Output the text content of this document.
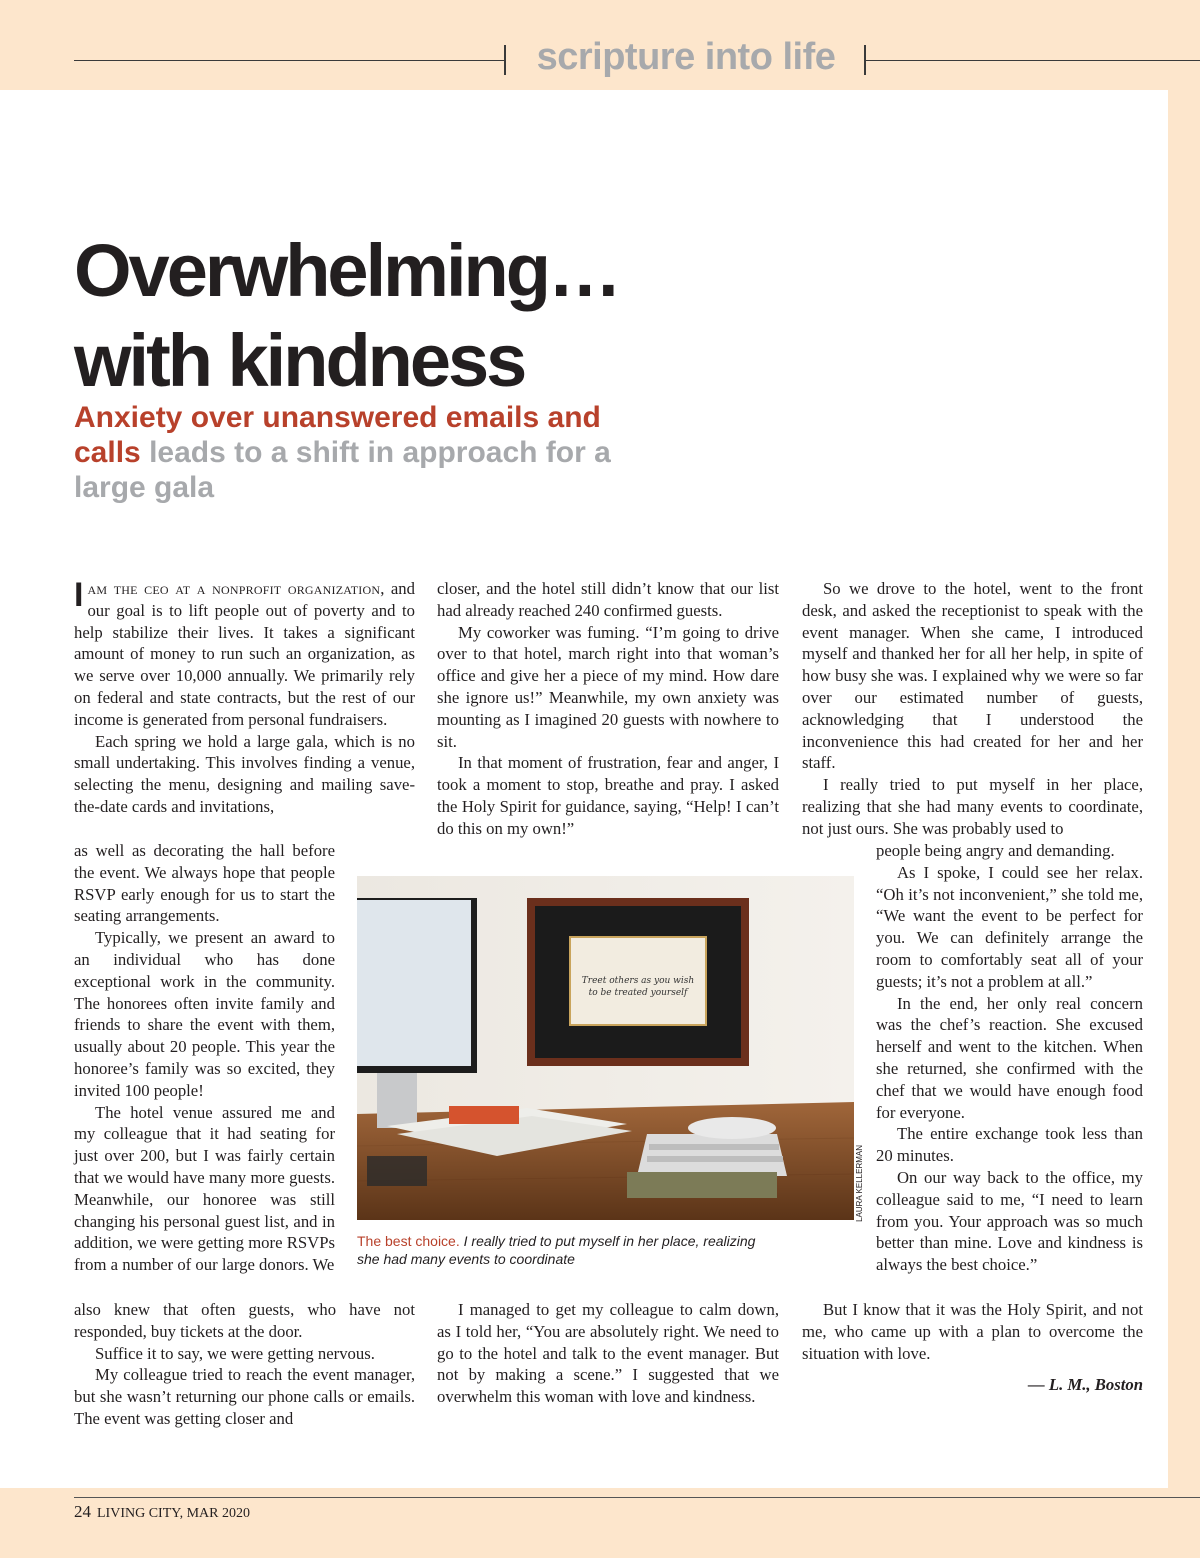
scripture into life
Overwhelming…
with kindness

Anxiety over unanswered emails and calls leads to a shift in approach for a large gala

Iam the ceo at a nonprofit organization, and our goal is to lift people out of poverty and to help stabilize their lives. It takes a significant amount of money to run such an organization, as we serve over 10,000 annually. We primarily rely on federal and state contracts, but the rest of our income is generated from personal fundraisers.

Each spring we hold a large gala, which is no small undertaking. This involves finding a venue, selecting the menu, designing and mailing save-the-date cards and invitations,

as well as decorating the hall before the event. We always hope that people RSVP early enough for us to start the seating arrangements.

Typically, we present an award to an individual who has done exceptional work in the community. The honorees often invite family and friends to share the event with them, usually about 20 people. This year the honoree’s family was so excited, they invited 100 people!

The hotel venue assured me and my colleague that it had seating for just over 200, but I was fairly certain that we would have many more guests. Meanwhile, our honoree was still changing his personal guest list, and in addition, we were getting more RSVPs from a number of our large donors. We

also knew that often guests, who have not responded, buy tickets at the door.

Suffice it to say, we were getting nervous.

My colleague tried to reach the event manager, but she wasn’t returning our phone calls or emails. The event was getting closer and

closer, and the hotel still didn’t know that our list had already reached 240 confirmed guests.

My coworker was fuming. “I’m going to drive over to that hotel, march right into that woman’s office and give her a piece of my mind. How dare she ignore us!” Meanwhile, my own anxiety was mounting as I imagined 20 guests with nowhere to sit.

In that moment of frustration, fear and anger, I took a moment to stop, breathe and pray. I asked the Holy Spirit for guidance, saying, “Help! I can’t do this on my own!”

I managed to get my colleague to calm down, as I told her, “You are absolutely right. We need to go to the hotel and talk to the event manager. But not by making a scene.” I suggested that we overwhelm this woman with love and kindness.

So we drove to the hotel, went to the front desk, and asked the receptionist to speak with the event manager. When she came, I introduced myself and thanked her for all her help, in spite of how busy she was. I explained why we were so far over our estimated number of guests, acknowledging that I understood the inconvenience this had created for her and her staff.

I really tried to put myself in her place, realizing that she had many events to coordinate, not just ours. She was probably used to

people being angry and demanding.

As I spoke, I could see her relax. “Oh it’s not inconvenient,” she told me, “We want the event to be perfect for you. We can definitely arrange the room to comfortably seat all of your guests; it’s not a problem at all.”

In the end, her only real concern was the chef’s reaction. She excused herself and went to the kitchen. When she returned, she confirmed with the chef that we would have enough food for everyone.

The entire exchange took less than 20 minutes.

On our way back to the office, my colleague said to me, “I need to learn from you. Your approach was so much better than mine. Love and kindness is always the best choice.”

But I know that it was the Holy Spirit, and not me, who came up with a plan to overcome the situation with love.

— L. M., Boston

Treet others as you wish
to be treated yourself
LAURA KELLERMAN
The best choice. I really tried to put myself in her place, realizing she had many events to coordinate
24 LIVING CITY, MAR 2020
